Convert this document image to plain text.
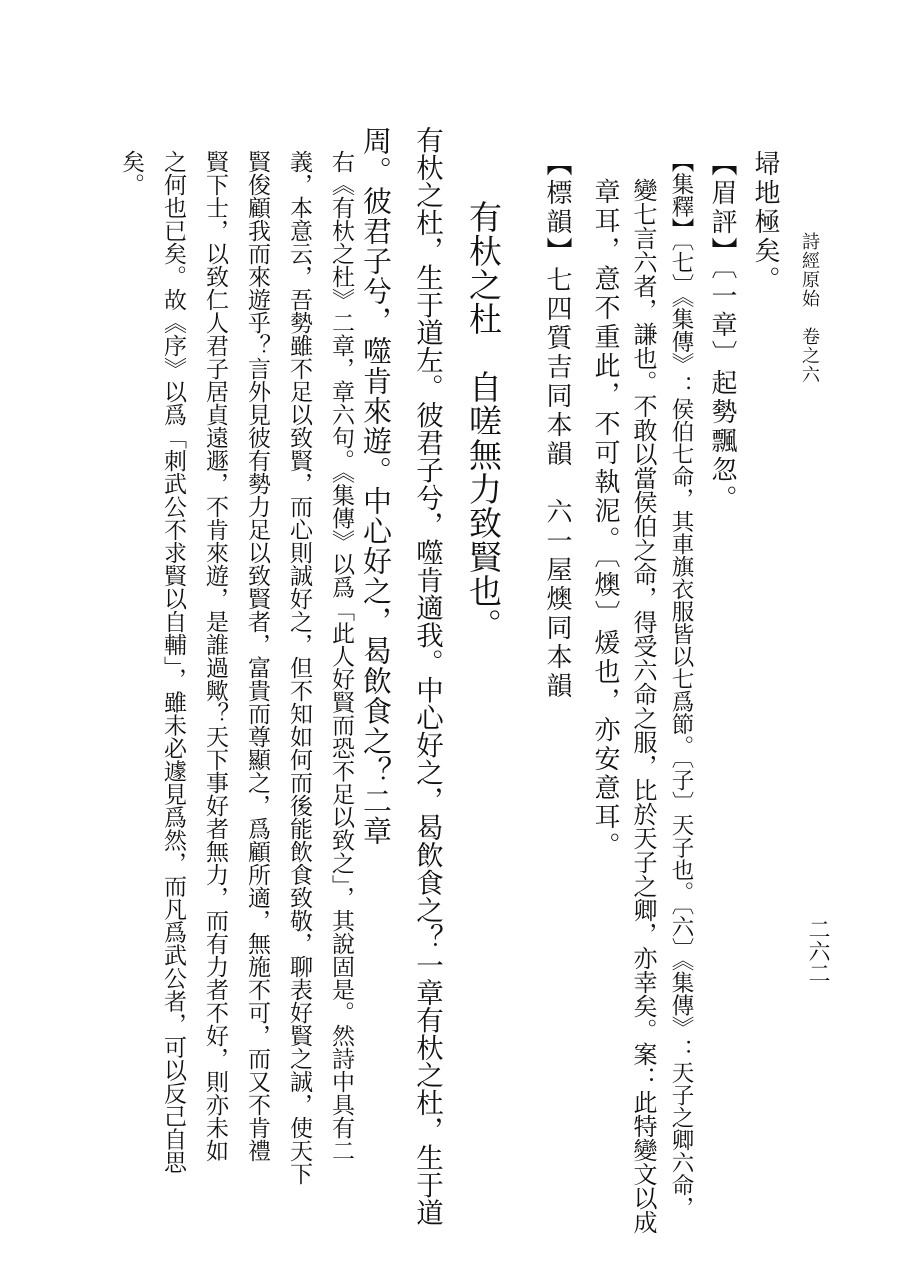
詩經原始　卷之六
二六二
埽地極矣。
【眉評】〔一章〕起勢飄忽。
【集釋】〔七〕《集傳》：侯伯七命，其車旗衣服皆以七爲節。〔子〕天子也。〔六〕《集傳》：天子之卿六命，
變七言六者，謙也。不敢以當侯伯之命，得受六命之服，比於天子之卿，亦幸矣。案：此特變文以成
章耳，意不重此，不可執泥。〔燠〕煖也，亦安意耳。
【標韻】七四質吉同本韻　六一屋燠同本韻
有杕之杜　自嗟無力致賢也。
有杕之杜，生于道左。彼君子兮，噬肯適我。中心好之，曷飲食之？一章有杕之杜，生于道
周。彼君子兮，噬肯來遊。中心好之，曷飲食之？二章
右《有杕之杜》二章，章六句。《集傳》以爲「此人好賢而恐不足以致之」，其說固是。然詩中具有二
義，本意云，吾勢雖不足以致賢，而心則誠好之，但不知如何而後能飲食致敬，聊表好賢之誠，使天下
賢俊顧我而來遊乎？言外見彼有勢力足以致賢者，富貴而尊顯之，爲顧所適，無施不可，而又不肯禮
賢下士，以致仁人君子居貞遠遯，不肯來遊，是誰過歟？天下事好者無力，而有力者不好，則亦未如
之何也已矣。故《序》以爲「刺武公不求賢以自輔」，雖未必遽見爲然，而凡爲武公者，可以反己自思
矣。
